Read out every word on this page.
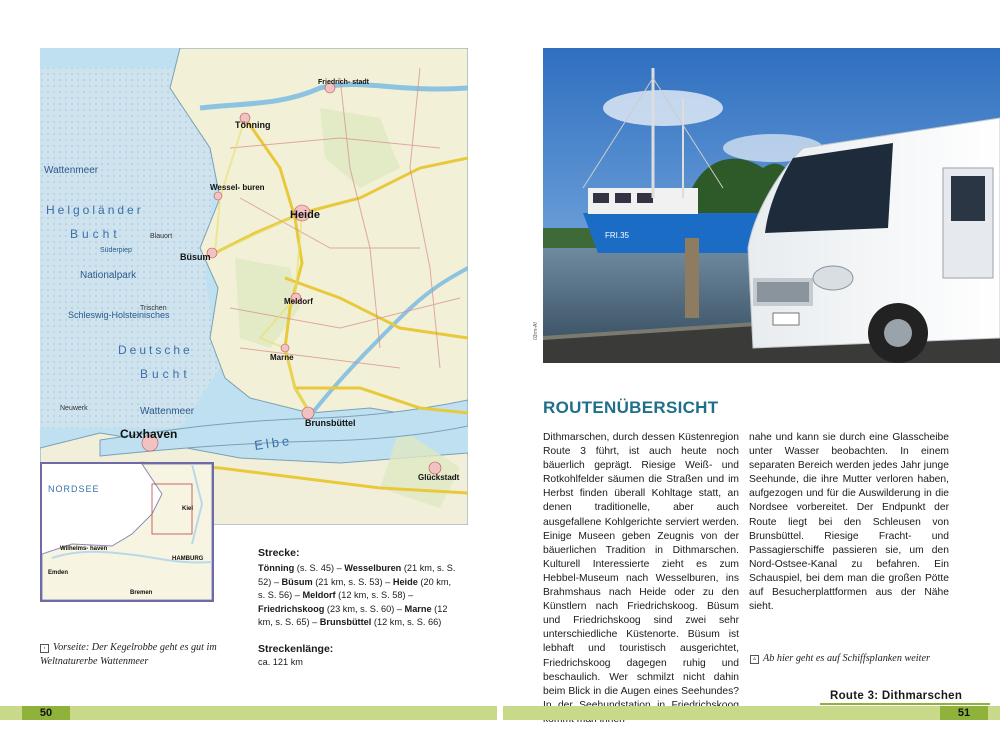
Helgoländer
Bucht
Wattenmeer
Nationalpark
Schleswig-Holsteinisches
Deutsche
Bucht
Wattenmeer
Elbe
Cuxhaven
Heide
Tönning
Büsum
Meldorf
Marne
Brunsbüttel
Wessel- buren
Glückstadt
Süderpiep
Blauort
Trischen
Neuwerk
Friedrich- stadt
NORDSEE
Kiel
Wilhelms- haven
HAMBURG
Emden
Bremen
Strecke:

Tönning (s. S. 45) – Wesselburen (21 km, s. S. 52) – Büsum (21 km, s. S. 53) – Heide (20 km, s. S. 56) – Meldorf (12 km, s. S. 58) – Friedrichskoog (23 km, s. S. 60) – Marne (12 km, s. S. 65) – Brunsbüttel (12 km, s. S. 66)

Streckenlänge:
ca. 121 km
‹ Vorseite: Der Kegelrobbe geht es gut im Weltnaturerbe Wattenmeer
FRI.35
03rm-Af
ROUTENÜBERSICHT
Dithmarschen, durch dessen Küstenregion Route 3 führt, ist auch heute noch bäuerlich geprägt. Riesige Weiß- und Rotkohlfelder säumen die Straßen und im Herbst finden überall Kohltage statt, an denen traditionelle, aber auch ausgefallene Kohlgerichte serviert werden. Einige Museen geben Zeugnis von der bäuerlichen Tradition in Dithmarschen. Kulturell Interessierte zieht es zum Hebbel-Museum nach Wesselburen, ins Brahmshaus nach Heide oder zu den Künstlern nach Friedrichskoog. Büsum und Friedrichskoog sind zwei sehr unterschiedliche Küstenorte. Büsum ist lebhaft und touristisch ausgerichtet, Friedrichskoog dagegen ruhig und beschaulich. Wer schmilzt nicht dahin beim Blick in die Augen eines Seehundes?
nahe und kann sie durch eine Glasscheibe unter Wasser beobachten. In einem separaten Bereich werden jedes Jahr junge Seehunde, die ihre Mutter verloren haben, aufgezogen und für die Auswilderung in die Nordsee vorbereitet. Der Endpunkt der Route liegt bei den Schleusen von Brunsbüttel. Riesige Fracht- und Passagierschiffe passieren sie, um den Nord-Ostsee-Kanal zu befahren. Ein Schauspiel, bei dem man die großen Pötte auf Besucherplattformen aus der Nähe sieht.
▵ Ab hier geht es auf Schiffsplanken weiter
50	51
Route 3: Dithmarschen
